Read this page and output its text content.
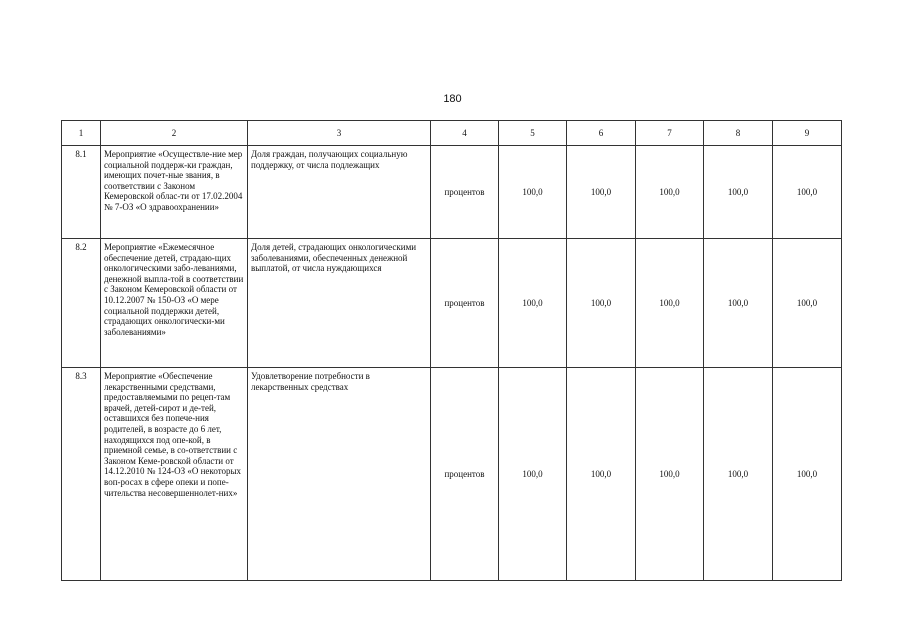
180
1	2	3	4	5	6	7	8	9
8.1	Мероприятие «Осуществле-ние мер социальной поддерж-ки граждан, имеющих почет-ные звания, в соответствии с Законом Кемеровской облас-ти от 17.02.2004 № 7-ОЗ «О здравоохранении»	Доля граждан, получающих социальную поддержку, от числа подлежащих	процентов	100,0	100,0	100,0	100,0	100,0
8.2	Мероприятие «Ежемесячное обеспечение детей, страдаю-щих онкологическими забо-леваниями, денежной выпла-той в соответствии с Законом Кемеровской области от 10.12.2007 № 150-ОЗ «О мере социальной поддержки детей, страдающих онкологически-ми заболеваниями»	Доля детей, страдающих онкологическими заболеваниями, обеспеченных денежной выплатой, от числа нуждающихся	процентов	100,0	100,0	100,0	100,0	100,0
8.3	Мероприятие «Обеспечение лекарственными средствами, предоставляемыми по рецеп-там врачей, детей-сирот и де-тей, оставшихся без попече-ния родителей, в возрасте до 6 лет, находящихся под опе-кой, в приемной семье, в со-ответствии с Законом Кеме-ровской области от 14.12.2010 № 124-ОЗ «О некоторых воп-росах в сфере опеки и попе-чительства несовершеннолет-них»	Удовлетворение потребности в лекарственных средствах	процентов	100,0	100,0	100,0	100,0	100,0
